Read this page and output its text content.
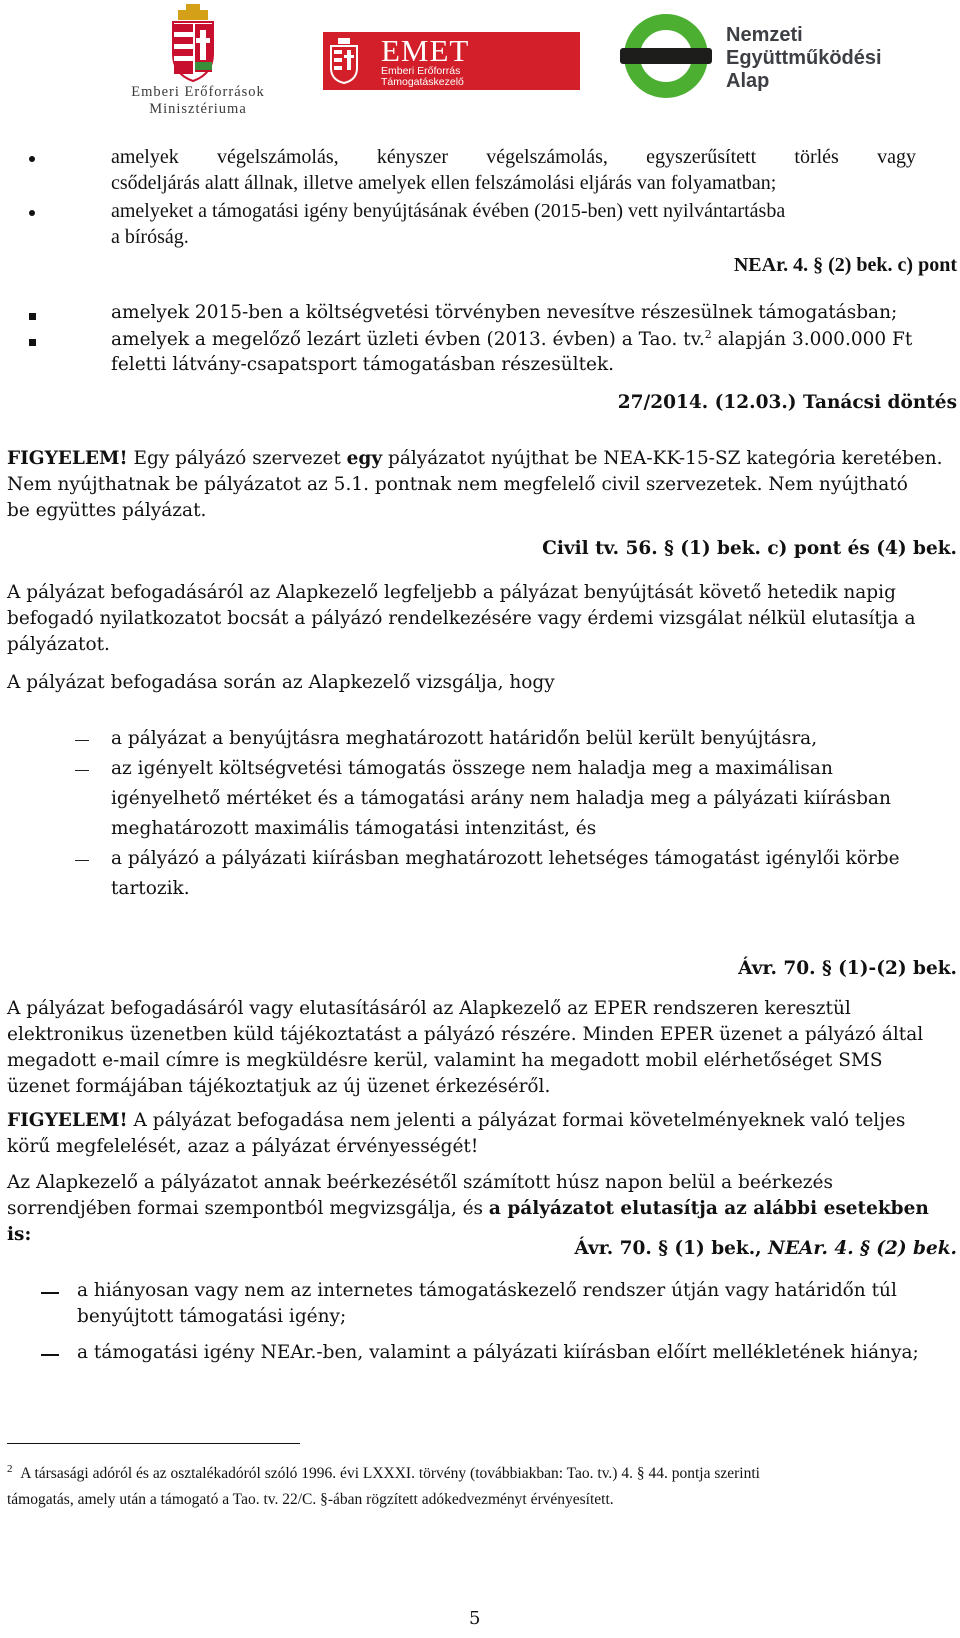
Emberi Erőforrások
Minisztériuma
EMET
Emberi Erőforrás
Támogatáskezelő
Nemzeti
Együttműködési
Alap
amelyek végelszámolás, kényszer végelszámolás, egyszerűsített törlés vagy
csődeljárás alatt állnak, illetve amelyek ellen felszámolási eljárás van folyamatban;
amelyeket a támogatási igény benyújtásának évében (2015-ben) vett nyilvántartásba
a bíróság.
NEAr. 4. § (2) bek. c) pont
amelyek 2015-ben a költségvetési törvényben nevesítve részesülnek támogatásban;
amelyek a megelőző lezárt üzleti évben (2013. évben) a Tao. tv.$^2$ alapján 3.000.000 Ft
feletti látvány-csapatsport támogatásban részesültek.
27/2014. (12.03.) Tanácsi döntés
FIGYELEM! Egy pályázó szervezet egy pályázatot nyújthat be NEA-KK-15-SZ kategória keretében.
Nem nyújthatnak be pályázatot az 5.1. pontnak nem megfelelő civil szervezetek. Nem nyújtható
be együttes pályázat.
Civil tv. 56. § (1) bek. c) pont és (4) bek.
A pályázat befogadásáról az Alapkezelő legfeljebb a pályázat benyújtását követő hetedik napig
befogadó nyilatkozatot bocsát a pályázó rendelkezésére vagy érdemi vizsgálat nélkül elutasítja a
pályázatot.
A pályázat befogadása során az Alapkezelő vizsgálja, hogy
a pályázat a benyújtásra meghatározott határidőn belül került benyújtásra,
az igényelt költségvetési támogatás összege nem haladja meg a maximálisan
igényelhető mértéket és a támogatási arány nem haladja meg a pályázati kiírásban
meghatározott maximális támogatási intenzitást, és
a pályázó a pályázati kiírásban meghatározott lehetséges támogatást igénylői körbe
tartozik.
Ávr. 70. § (1)-(2) bek.
A pályázat befogadásáról vagy elutasításáról az Alapkezelő az EPER rendszeren keresztül
elektronikus üzenetben küld tájékoztatást a pályázó részére. Minden EPER üzenet a pályázó által
megadott e-mail címre is megküldésre kerül, valamint ha megadott mobil elérhetőséget SMS
üzenet formájában tájékoztatjuk az új üzenet érkezéséről.
FIGYELEM! A pályázat befogadása nem jelenti a pályázat formai követelményeknek való teljes
körű megfelelését, azaz a pályázat érvényességét!
Az Alapkezelő a pályázatot annak beérkezésétől számított húsz napon belül a beérkezés
sorrendjében formai szempontból megvizsgálja, és a pályázatot elutasítja az alábbi esetekben
is:
Ávr. 70. § (1) bek., NEAr. 4. § (2) bek.
a hiányosan vagy nem az internetes támogatáskezelő rendszer útján vagy határidőn túl
benyújtott támogatási igény;
a támogatási igény NEAr.-ben, valamint a pályázati kiírásban előírt mellékletének hiánya;
$^2$ A társasági adóról és az osztalékadóról szóló 1996. évi LXXXI. törvény (továbbiakban: Tao. tv.) 4. § 44. pontja szerinti
támogatás, amely után a támogató a Tao. tv. 22/C. §-ában rögzített adókedvezményt érvényesített.
5
